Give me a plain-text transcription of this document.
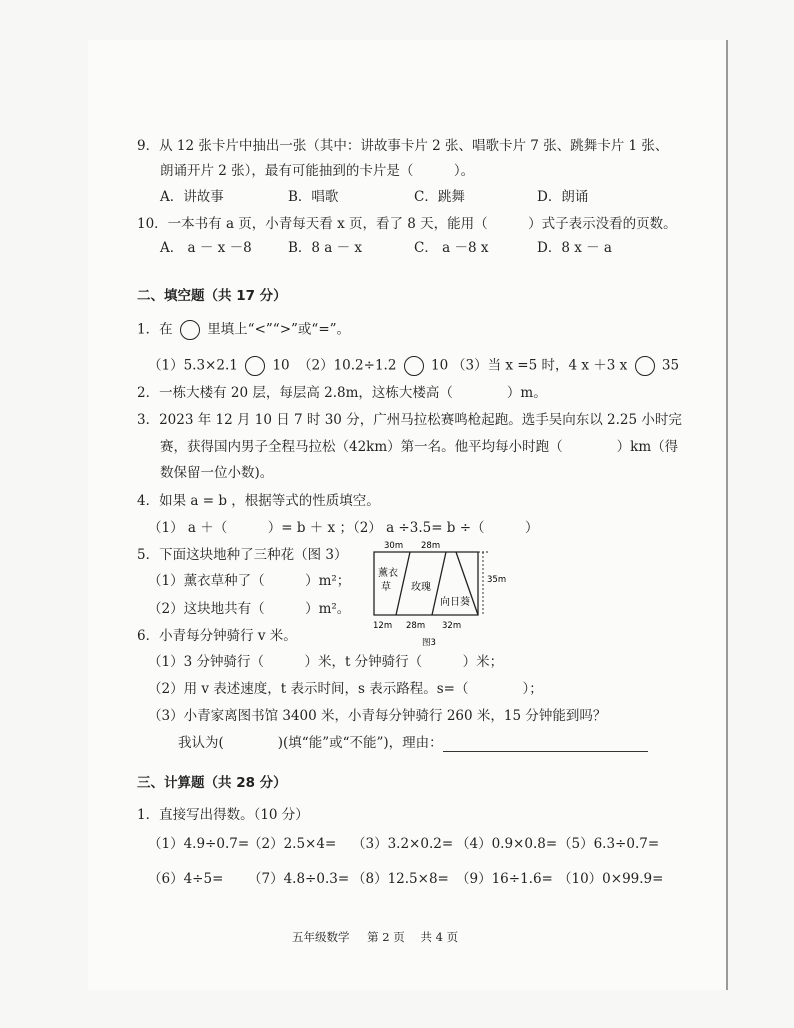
9．从 12 张卡片中抽出一张（其中：讲故事卡片 2 张、唱歌卡片 7 张、跳舞卡片 1 张、
朗诵开片 2 张），最有可能抽到的卡片是（　　　）。
A．讲故事	B．唱歌	C．跳舞	D．朗诵
10．一本书有 a 页，小青每天看 x 页，看了 8 天，能用（　　　）式子表示没看的页数。
A． a － x －8	B．8 a － x	C． a －8 x	D．8 x － a
二、填空题（共 17 分）
1．在	里填上“<”“>”或“=”。
（1）5.3×2.1	10 （2）10.2÷1.2	10 （3）当 x =5 时，4 x ＋3 x	35
2．一栋大楼有 20 层，每层高 2.8m，这栋大楼高（　　　　）m。
3．2023 年 12 月 10 日 7 时 30 分，广州马拉松赛鸣枪起跑。选手吴向东以 2.25 小时完
赛，获得国内男子全程马拉松（42km）第一名。他平均每小时跑（　　　　）km（得
数保留一位小数)。
4．如果 a = b ，根据等式的性质填空。
（1） a ＋（　　　）= b ＋ x ；（2） a ÷3.5= b ÷（　　　）
5．下面这块地种了三种花（图 3）
（1）薰衣草种了（　　　）m²；
（2）这块地共有（　　　）m²。
30m 28m
35m
12m 28m 32m
薰衣
草 玫瑰
向日葵
图3
6．小青每分钟骑行 v 米。
（1）3 分钟骑行（　　　）米，t 分钟骑行（　　　）米；
（2）用 v 表述速度，t 表示时间，s 表示路程。s=（　　　　）；
（3）小青家离图书馆 3400 米，小青每分钟骑行 260 米，15 分钟能到吗？
我认为(　　　　)(填“能”或“不能”)，理由：
三、计算题（共 28 分）
1．直接写出得数。（10 分）
（1）4.9÷0.7=
（2）2.5×4= （3）3.2×0.2= （4）0.9×0.8= （5）6.3÷0.7=
（6）4÷5= （7）4.8÷0.3= （8）12.5×8= （9）16÷1.6= （10）0×99.9=
五年级数学 第 2 页 共 4 页
